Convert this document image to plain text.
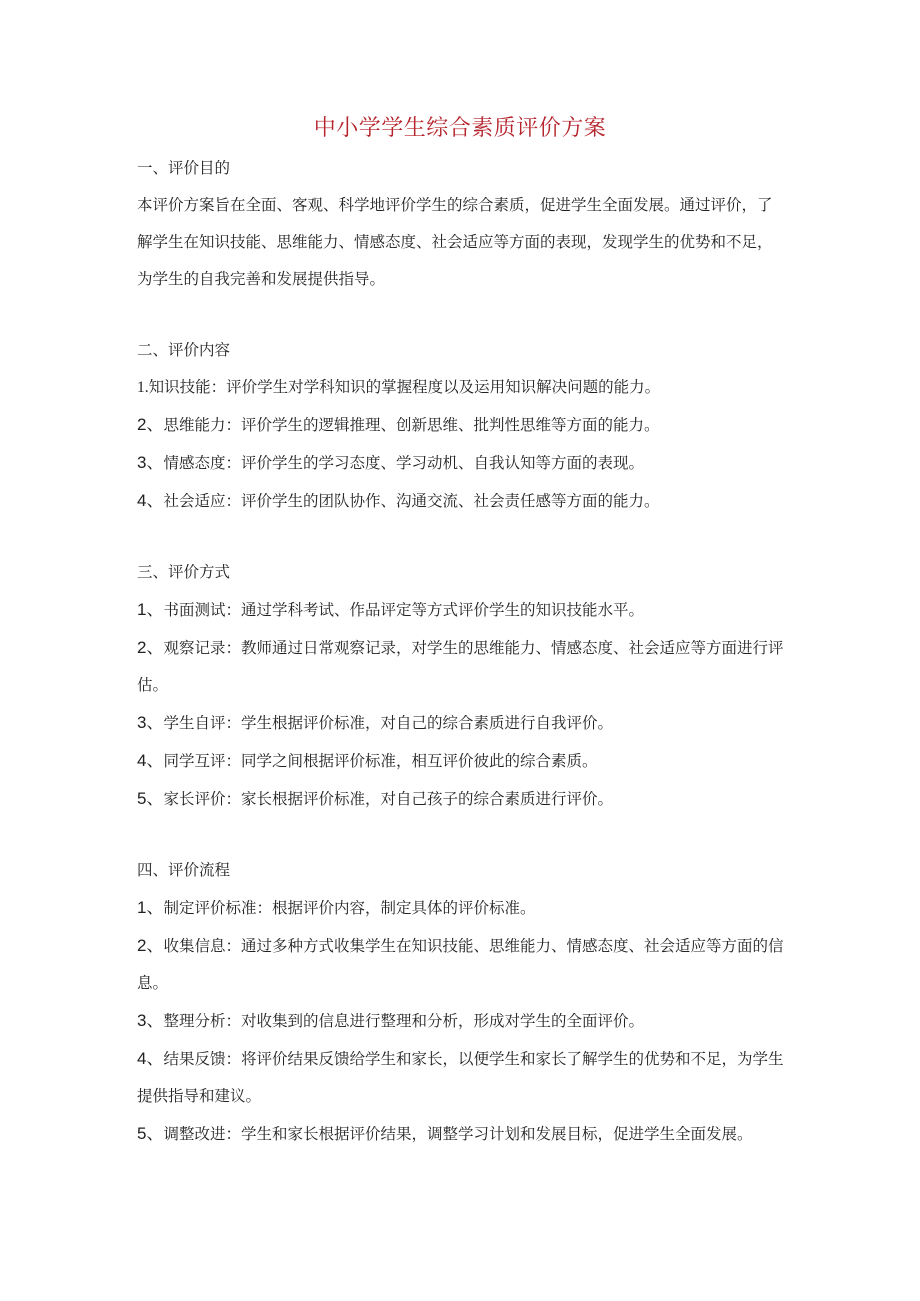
中小学学生综合素质评价方案
一、评价目的

本评价方案旨在全面、客观、科学地评价学生的综合素质，促进学生全面发展。通过评价，了解学生在知识技能、思维能力、情感态度、社会适应等方面的表现，发现学生的优势和不足，为学生的自我完善和发展提供指导。

二、评价内容

1.知识技能：评价学生对学科知识的掌握程度以及运用知识解决问题的能力。

2、思维能力：评价学生的逻辑推理、创新思维、批判性思维等方面的能力。

3、情感态度：评价学生的学习态度、学习动机、自我认知等方面的表现。

4、社会适应：评价学生的团队协作、沟通交流、社会责任感等方面的能力。

三、评价方式

1、书面测试：通过学科考试、作品评定等方式评价学生的知识技能水平。

2、观察记录：教师通过日常观察记录，对学生的思维能力、情感态度、社会适应等方面进行评估。

3、学生自评：学生根据评价标准，对自己的综合素质进行自我评价。

4、同学互评：同学之间根据评价标准，相互评价彼此的综合素质。

5、家长评价：家长根据评价标准，对自己孩子的综合素质进行评价。

四、评价流程

1、制定评价标准：根据评价内容，制定具体的评价标准。

2、收集信息：通过多种方式收集学生在知识技能、思维能力、情感态度、社会适应等方面的信息。

3、整理分析：对收集到的信息进行整理和分析，形成对学生的全面评价。

4、结果反馈：将评价结果反馈给学生和家长，以便学生和家长了解学生的优势和不足，为学生提供指导和建议。

5、调整改进：学生和家长根据评价结果，调整学习计划和发展目标，促进学生全面发展。
